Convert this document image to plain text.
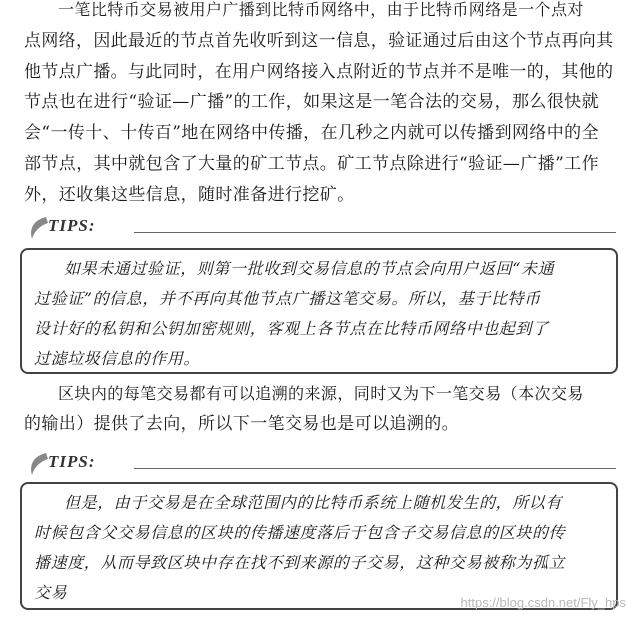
一笔比特币交易被用户广播到比特币网络中，由于比特币网络是一个点对
点网络，因此最近的节点首先收听到这一信息，验证通过后由这个节点再向其
他节点广播。与此同时，在用户网络接入点附近的节点并不是唯一的，其他的
节点也在进行“验证—广播”的工作，如果这是一笔合法的交易，那么很快就
会“一传十、十传百”地在网络中传播，在几秒之内就可以传播到网络中的全
部节点，其中就包含了大量的矿工节点。矿工节点除进行“验证—广播”工作
外，还收集这些信息，随时准备进行挖矿。
TIPS:
如果未通过验证，则第一批收到交易信息的节点会向用户返回“未通
过验证”的信息，并不再向其他节点广播这笔交易。所以，基于比特币
设计好的私钥和公钥加密规则，客观上各节点在比特币网络中也起到了
过滤垃圾信息的作用。
区块内的每笔交易都有可以追溯的来源，同时又为下一笔交易（本次交易
的输出）提供了去向，所以下一笔交易也是可以追溯的。
TIPS:
但是，由于交易是在全球范围内的比特币系统上随机发生的，所以有
时候包含父交易信息的区块的传播速度落后于包含子交易信息的区块的传
播速度，从而导致区块中存在找不到来源的子交易，这种交易被称为孤立
交易
https://blog.csdn.net/Fly_hps
